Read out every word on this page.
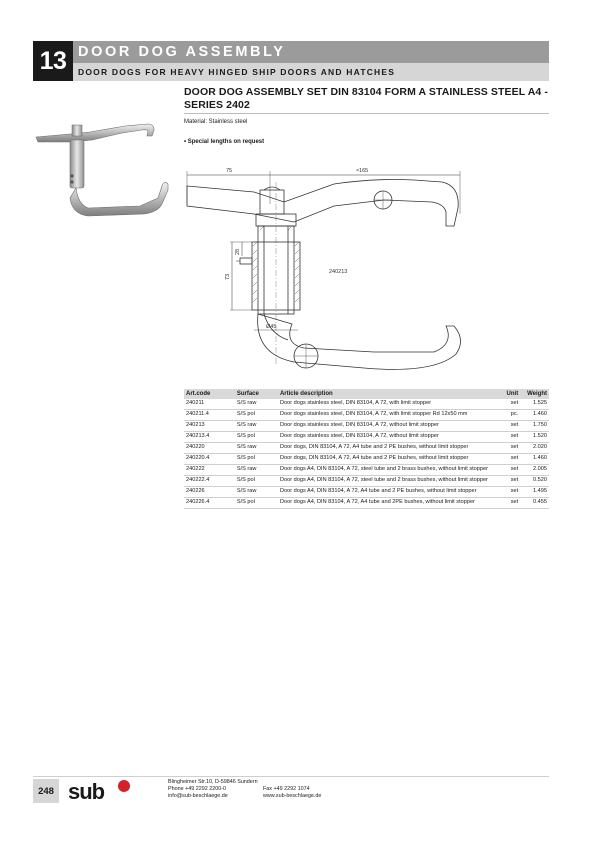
13 DOOR DOG ASSEMBLY
DOOR DOGS FOR HEAVY HINGED SHIP DOORS AND HATCHES
DOOR DOG ASSEMBLY SET DIN 83104 FORM A STAINLESS STEEL A4 - SERIES 2402
Material: Stainless steel
• Special lengths on request
75	≈165
28
73
Ø45
240213
Art.code	Surface	Article description	Unit	Weight
240211	S/S raw	Door dogs stainless steel, DIN 83104, A 72, with limit stopper	set	1.525
240211.4	S/S pol	Door dogs stainless steel, DIN 83104, A 72, with limit stopper Rd 12x50 mm	pc.	1.460
240213	S/S raw	Door dogs stainless steel, DIN 83104, A 72, without limit stopper	set	1.750
240213.4	S/S pol	Door dogs stainless steel, DIN 83104, A 72, without limit stopper	set	1.520
240220	S/S raw	Door dogs, DIN 83104, A 72, A4 tube and 2 PE bushes, without limit stopper	set	2.020
240220.4	S/S pol	Door dogs, DIN 83104, A 72, A4 tube and 2 PE bushes, without limit stopper	set	1.460
240222	S/S raw	Door dogs A4, DIN 83104, A 72, steel tube and 2 brass bushes, without limit stopper	set	2.005
240222.4	S/S pol	Door dogs A4, DIN 83104, A 72, steel tube and 2 brass bushes, without limit stopper	set	0.520
240226	S/S raw	Door dogs A4, DIN 83104, A 72, A4 tube and 2 PE bushes, without limit stopper	set	1.495
240226.4	S/S pol	Door dogs A4, DIN 83104, A 72, A4 tube and 2PE bushes, without limit stopper	set	0.455
248 sub	Blingheimer Str.10, D-59846 Sundern
Phone +49 2292 2200-0
info@sub-beschlaege.de
Fax +49 2292 1074
www.sub-beschlaege.de
